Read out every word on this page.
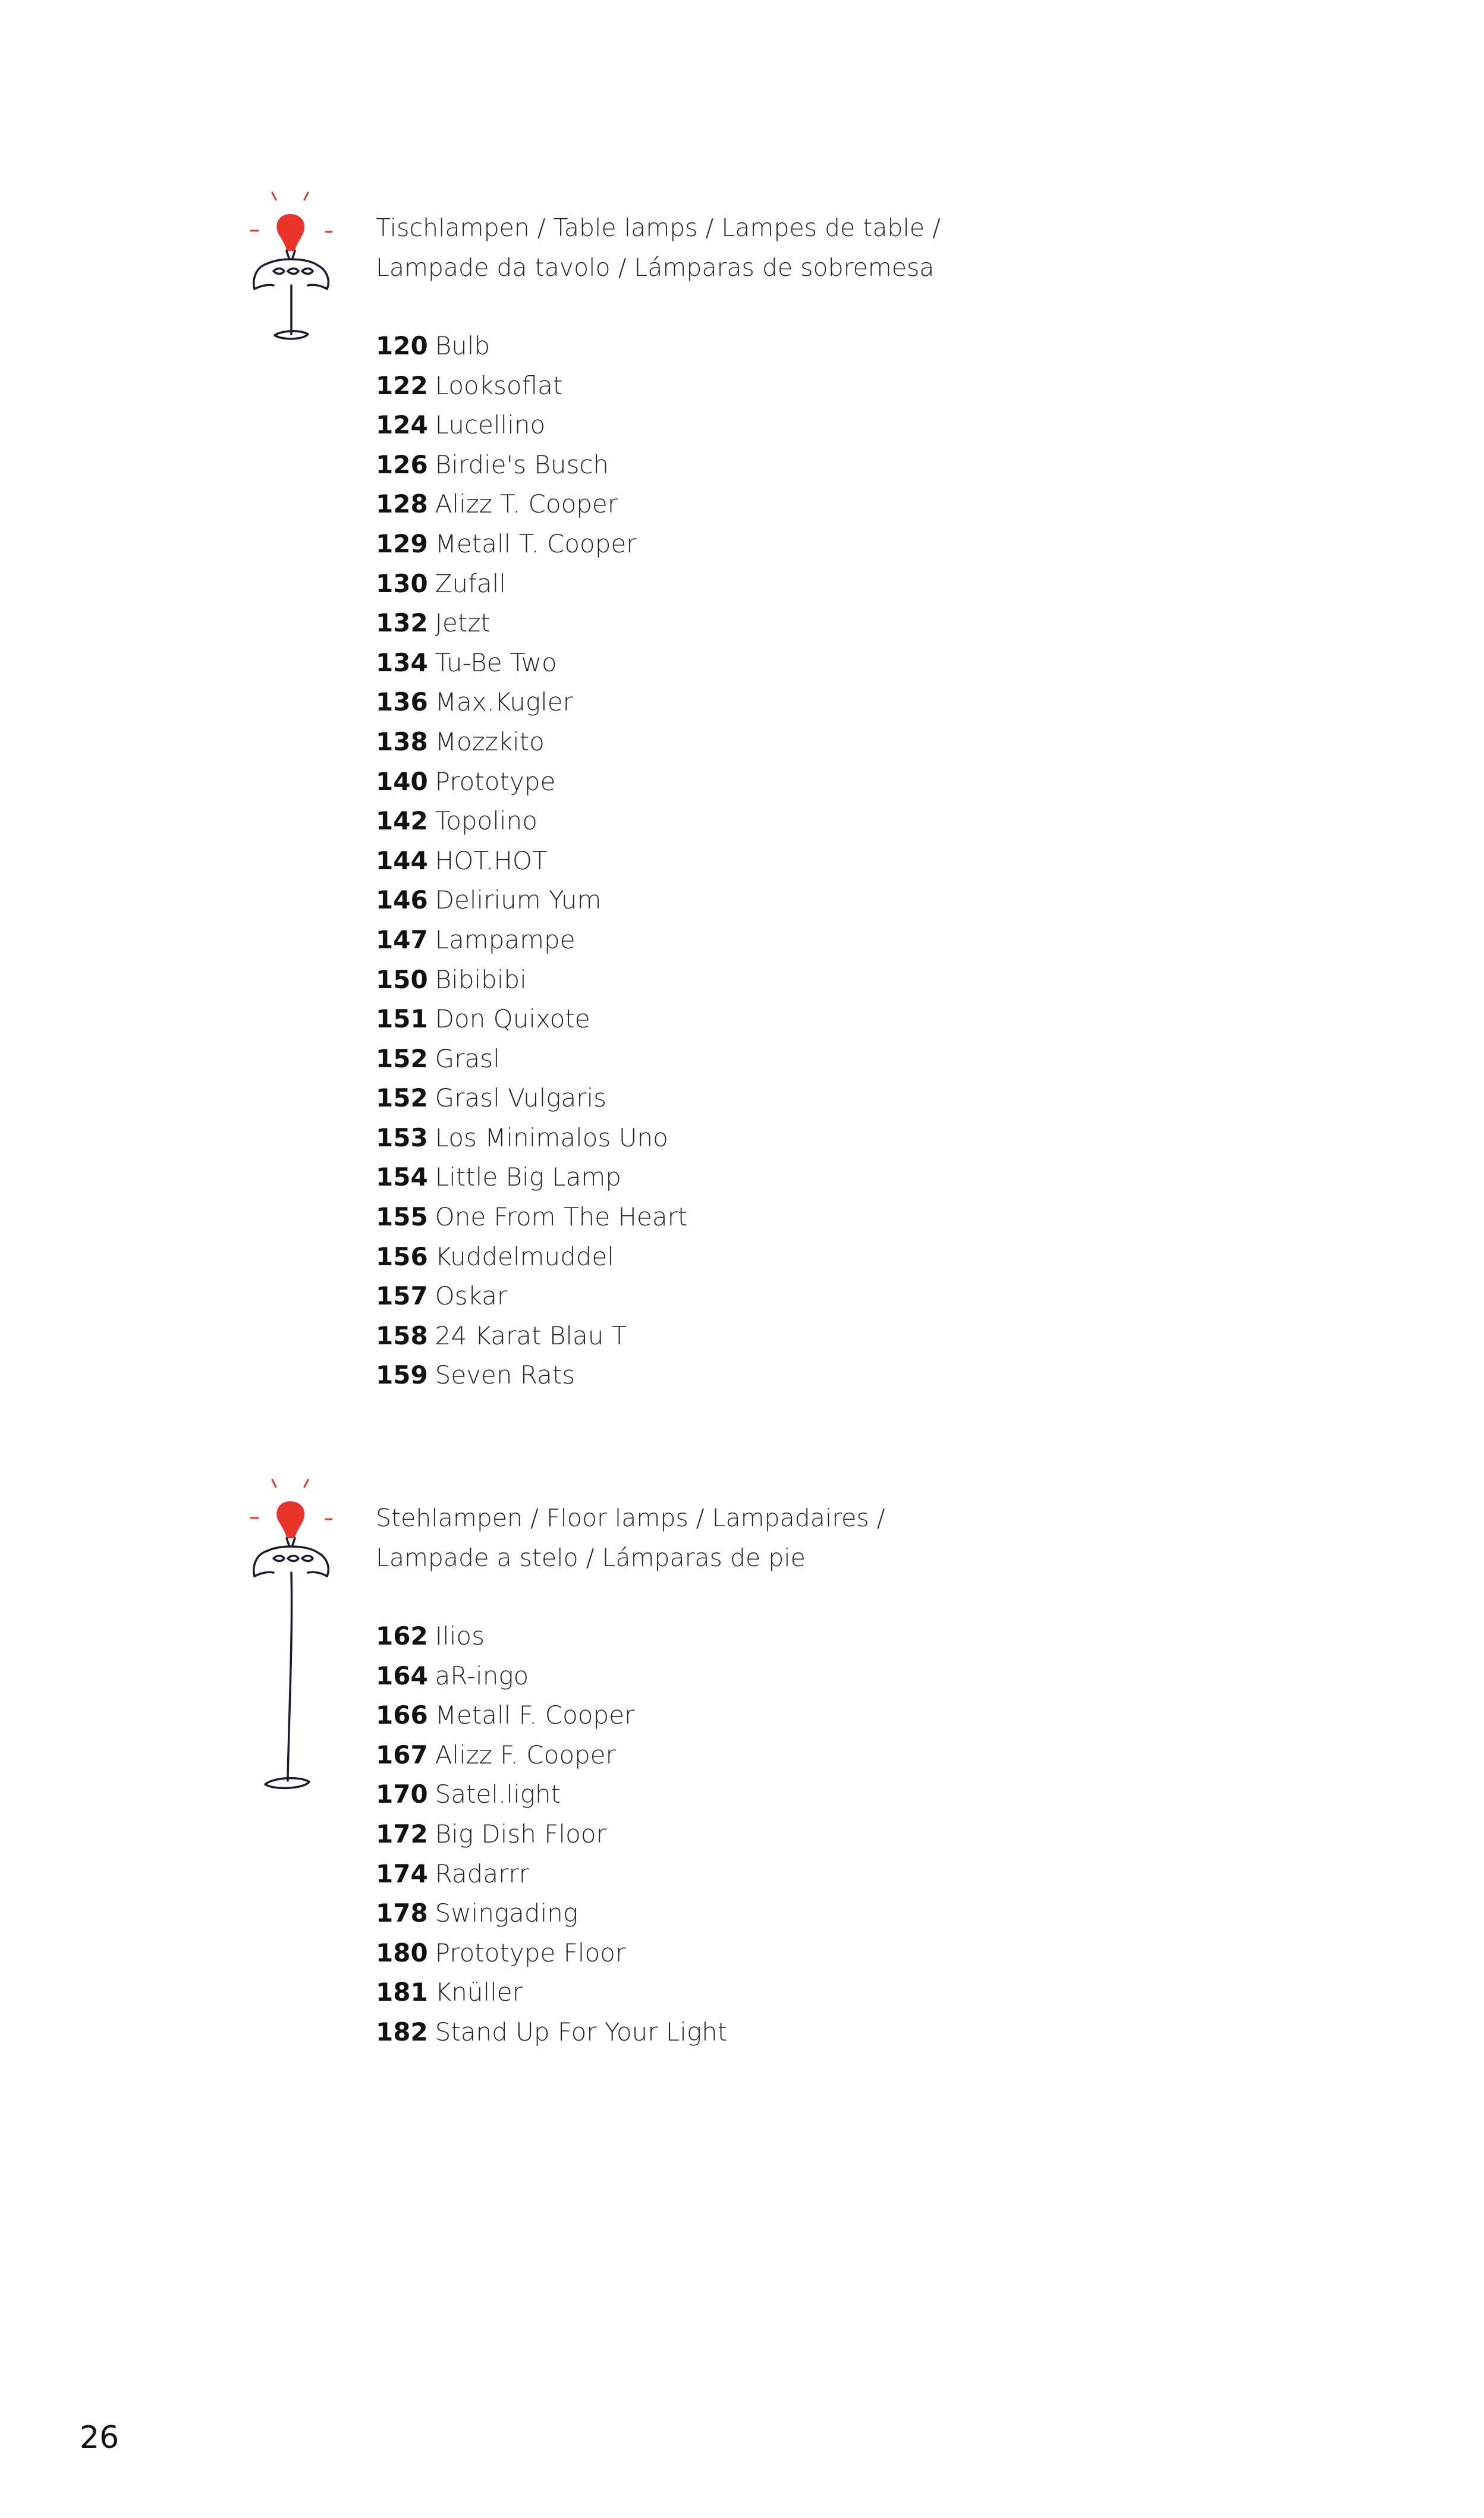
Tischlampen / Table lamps / Lampes de table /
Lampade da tavolo / Lámparas de sobremesa
120 Bulb
122 Looksoflat
124 Lucellino
126 Birdie's Busch
128 Alizz T. Cooper
129 Metall T. Cooper
130 Zufall
132 Jetzt
134 Tu-Be Two
136 Max.Kugler
138 Mozzkito
140 Prototype
142 Topolino
144 HOT.HOT
146 Delirium Yum
147 Lampampe
150 Bibibibi
151 Don Quixote
152 Grasl
152 Grasl Vulgaris
153 Los Minimalos Uno
154 Little Big Lamp
155 One From The Heart
156 Kuddelmuddel
157 Oskar
158 24 Karat Blau T
159 Seven Rats
Stehlampen / Floor lamps / Lampadaires /
Lampade a stelo / Lámparas de pie
162 Ilios
164 aR-ingo
166 Metall F. Cooper
167 Alizz F. Cooper
170 Satel.light
172 Big Dish Floor
174 Radarrr
178 Swingading
180 Prototype Floor
181 Knüller
182 Stand Up For Your Light
26
